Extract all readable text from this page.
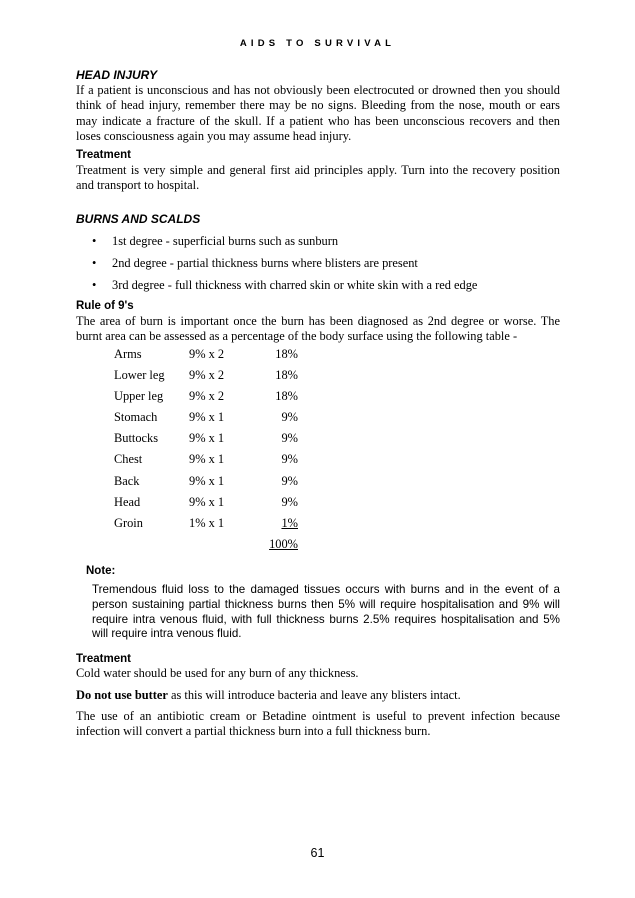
AIDS TO SURVIVAL
HEAD INJURY
If a patient is unconscious and has not obviously been electrocuted or drowned then you should think of head injury, remember there may be no signs. Bleeding from the nose, mouth or ears may indicate a fracture of the skull. If a patient who has been unconscious recovers and then loses consciousness again you may assume head injury.
Treatment
Treatment is very simple and general first aid principles apply. Turn into the recovery position and transport to hospital.
BURNS AND SCALDS
• 1st degree - superficial burns such as sunburn
• 2nd degree - partial thickness burns where blisters are present
• 3rd degree - full thickness with charred skin or white skin with a red edge
Rule of 9's
The area of burn is important once the burn has been diagnosed as 2nd degree or worse. The burnt area can be assessed as a percentage of the body surface using the following table -
Arms	9% x 2	18%
Lower leg 9% x 2	18%
Upper leg 9% x 2	18%
Stomach	9% x 1	9%
Buttocks 9% x 1	9%
Chest	9% x 1	9%
Back	9% x 1	9%
Head	9% x 1	9%
Groin	1% x 1	1%
100%
Note:
Tremendous fluid loss to the damaged tissues occurs with burns and in the event of a person sustaining partial thickness burns then 5% will require hospitalisation and 9% will require intra venous fluid, with full thickness burns 2.5% requires hospitalisation and 5% will require intra venous fluid.
Treatment
Cold water should be used for any burn of any thickness.
Do not use butter as this will introduce bacteria and leave any blisters intact.
The use of an antibiotic cream or Betadine ointment is useful to prevent infection because infection will convert a partial thickness burn into a full thickness burn.
61
